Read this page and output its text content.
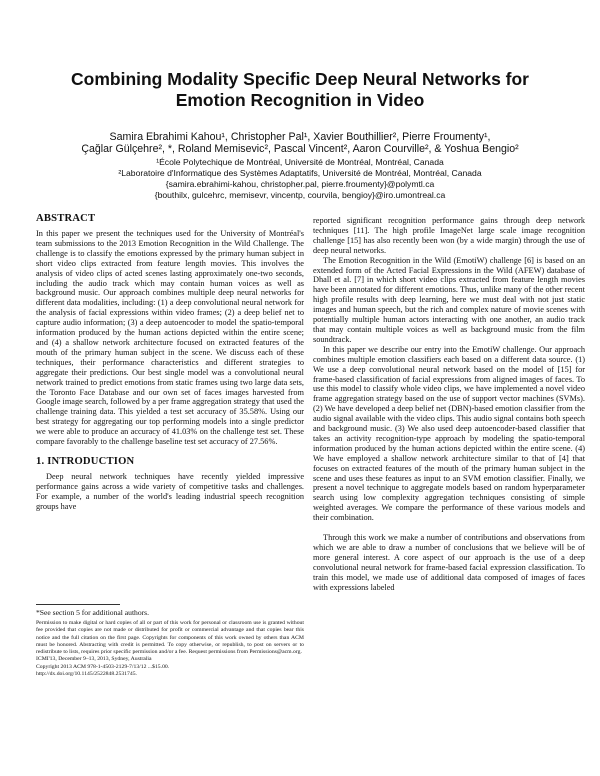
Combining Modality Specific Deep Neural Networks for
Emotion Recognition in Video
Samira Ebrahimi Kahou¹, Christopher Pal¹, Xavier Bouthillier², Pierre Froumenty¹,
Çağlar Gülçehre², *, Roland Memisevic², Pascal Vincent², Aaron Courville², & Yoshua Bengio²
¹École Polytechique de Montréal, Université de Montréal, Montréal, Canada
²Laboratoire d'Informatique des Systèmes Adaptatifs, Université de Montréal, Montréal, Canada
{samira.ebrahimi-kahou, christopher.pal, pierre.froumenty}@polymtl.ca
{bouthilx, gulcehrc, memisevr, vincentp, courvila, bengioy}@iro.umontreal.ca
ABSTRACT

In this paper we present the techniques used for the University of Montréal's team submissions to the 2013 Emotion Recognition in the Wild Challenge. The challenge is to classify the emotions expressed by the primary human subject in short video clips extracted from feature length movies. This involves the analysis of video clips of acted scenes lasting approximately one-two seconds, including the audio track which may contain human voices as well as background music. Our approach combines multiple deep neural networks for different data modalities, including: (1) a deep convolutional neural network for the analysis of facial expressions within video frames; (2) a deep belief net to capture audio information; (3) a deep autoencoder to model the spatio-temporal information produced by the human actions depicted within the entire scene; and (4) a shallow network architecture focused on extracted features of the mouth of the primary human subject in the scene. We discuss each of these techniques, their performance characteristics and different strategies to aggregate their predictions. Our best single model was a convolutional neural network trained to predict emotions from static frames using two large data sets, the Toronto Face Database and our own set of faces images harvested from Google image search, followed by a per frame aggregation strategy that used the challenge training data. This yielded a test set accuracy of 35.58%. Using our best strategy for aggregating our top performing models into a single predictor we were able to produce an accuracy of 41.03% on the challenge test set. These compare favorably to the challenge baseline test set accuracy of 27.56%.

1. INTRODUCTION

Deep neural network techniques have recently yielded impressive performance gains across a wide variety of competitive tasks and challenges. For example, a number of the world's leading industrial speech recognition groups have

*See section 5 for additional authors.
Permission to make digital or hard copies of all or part of this work for personal or classroom use is granted without fee provided that copies are not made or distributed for profit or commercial advantage and that copies bear this notice and the full citation on the first page. Copyrights for components of this work owned by others than ACM must be honored. Abstracting with credit is permitted. To copy otherwise, or republish, to post on servers or to redistribute to lists, requires prior specific permission and/or a fee. Request permissions from Permissions@acm.org.
ICMI'13, December 9–13, 2013, Sydney, Australia
Copyright 2013 ACM 978-1-4503-2129-7/13/12 ...$15.00.
http://dx.doi.org/10.1145/2522848.2531745.

reported significant recognition performance gains through deep network techniques [11]. The high profile ImageNet large scale image recognition challenge [15] has also recently been won (by a wide margin) through the use of deep neural networks.

The Emotion Recognition in the Wild (EmotiW) challenge [6] is based on an extended form of the Acted Facial Expressions in the Wild (AFEW) database of Dhall et al. [7] in which short video clips extracted from feature length movies have been annotated for different emotions. Thus, unlike many of the other recent high profile results with deep learning, here we must deal with not just static images and human speech, but the rich and complex nature of movie scenes with potentially multiple human actors interacting with one another, an audio track that may contain multiple voices as well as background music from the film soundtrack.

In this paper we describe our entry into the EmotiW challenge. Our approach combines multiple emotion classifiers each based on a different data source. (1) We use a deep convolutional neural network based on the model of [15] for frame-based classification of facial expressions from aligned images of faces. To use this model to classify whole video clips, we have implemented a novel video frame aggregation strategy based on the use of support vector machines (SVMs). (2) We have developed a deep belief net (DBN)-based emotion classifier from the audio signal available with the video clips. This audio signal contains both speech and background music. (3) We also used deep autoencoder-based classifier that takes an activity recognition-type approach by modeling the spatio-temporal information produced by the human actions depicted within the entire scene. (4) We have employed a shallow network architecture similar to that of [4] that focuses on extracted features of the mouth of the primary human subject in the scene and uses these features as input to an SVM emotion classifier. Finally, we present a novel technique to aggregate models based on random hyperparameter search using low complexity aggregation techniques consisting of simple weighted averages. We compare the performance of these various models and their combination.

Through this work we make a number of contributions and observations from which we are able to draw a number of conclusions that we believe will be of more general interest. A core aspect of our approach is the use of a deep convolutional neural network for frame-based facial expression classification. To train this model, we made use of additional data composed of images of faces with expressions labeled
